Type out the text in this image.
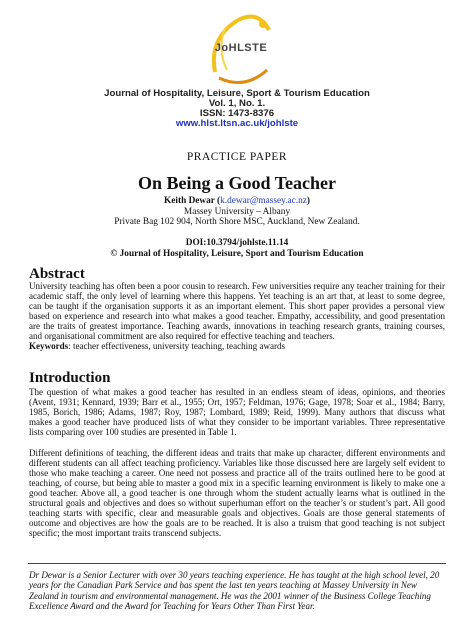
JoHLSTE
Journal of Hospitality, Leisure, Sport & Tourism Education
Vol. 1, No. 1.
ISSN: 1473-8376
www.hlst.ltsn.ac.uk/johlste
PRACTICE PAPER
On Being a Good Teacher
Keith Dewar (k.dewar@massey.ac.nz)
Massey University – Albany
Private Bag 102 904, North Shore MSC, Auckland, New Zealand.
DOI:10.3794/johlste.11.14
© Journal of Hospitality, Leisure, Sport and Tourism Education
Abstract

University teaching has often been a poor cousin to research. Few universities require any teacher training for their academic staff, the only level of learning where this happens. Yet teaching is an art that, at least to some degree, can be taught if the organisation supports it as an important element. This short paper provides a personal view based on experience and research into what makes a good teacher. Empathy, accessibility, and good presentation are the traits of greatest importance. Teaching awards, innovations in teaching research grants, training courses, and organisational commitment are also required for effective teaching and teachers.

Keywords: teacher effectiveness, university teaching, teaching awards

Introduction
The question of what makes a good teacher has resulted in an endless steam of ideas, opinions, and theories (Avent, 1931; Kennard, 1939; Barr et al., 1955; Ort, 1957; Feldman, 1976; Gage, 1978; Soar et al., 1984; Barry, 1985, Borich, 1986; Adams, 1987; Roy, 1987; Lombard, 1989; Reid, 1999). Many authors that discuss what makes a good teacher have produced lists of what they consider to be important variables. Three representative lists comparing over 100 studies are presented in Table 1.
Different definitions of teaching, the different ideas and traits that make up character, different environments and different students can all affect teaching proficiency. Variables like those discussed here are largely self evident to those who make teaching a career. One need not possess and practice all of the traits outlined here to be good at teaching, of course, but being able to master a good mix in a specific learning environment is likely to make one a good teacher. Above all, a good teacher is one through whom the student actually learns what is outlined in the structural goals and objectives and does so without superhuman effort on the teacher’s or student’s part. All good teaching starts with specific, clear and measurable goals and objectives. Goals are those general statements of outcome and objectives are how the goals are to be reached. It is also a truism that good teaching is not subject specific; the most important traits transcend subjects.
Dr Dewar is a Senior Lecturer with over 30 years teaching experience. He has taught at the high school level, 20 years for the Canadian Park Service and has spent the last ten years teaching at Massey University in New Zealand in tourism and environmental management. He was the 2001 winner of the Business College Teaching Excellence Award and the Award for Teaching for Years Other Than First Year.
